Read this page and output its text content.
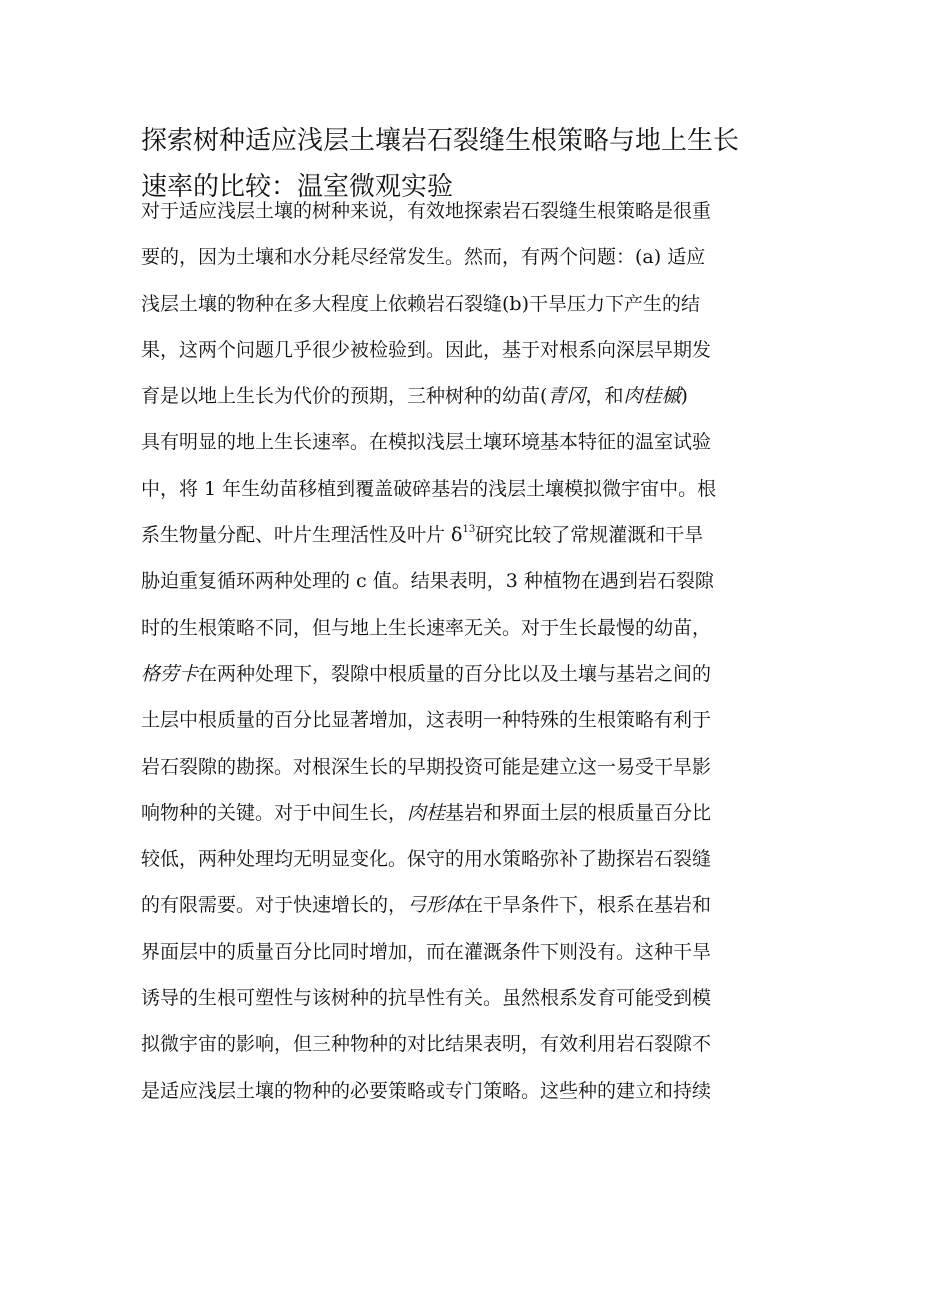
探索树种适应浅层土壤岩石裂缝生根策略与地上生长
速率的比较：温室微观实验
对于适应浅层土壤的树种来说，有效地探索岩石裂缝生根策略是很重
要的，因为土壤和水分耗尽经常发生。然而，有两个问题：(a) 适应
浅层土壤的物种在多大程度上依赖岩石裂缝(b)干旱压力下产生的结
果，这两个问题几乎很少被检验到。因此，基于对根系向深层早期发
育是以地上生长为代价的预期，三种树种的幼苗(青冈，和肉桂槭)
具有明显的地上生长速率。在模拟浅层土壤环境基本特征的温室试验
中，将 1 年生幼苗移植到覆盖破碎基岩的浅层土壤模拟微宇宙中。根
系生物量分配、叶片生理活性及叶片 $\delta^{13}$研究比较了常规灌溉和干旱
胁迫重复循环两种处理的 c 值。结果表明，3 种植物在遇到岩石裂隙
时的生根策略不同，但与地上生长速率无关。对于生长最慢的幼苗，
格劳卡在两种处理下，裂隙中根质量的百分比以及土壤与基岩之间的
土层中根质量的百分比显著增加，这表明一种特殊的生根策略有利于
岩石裂隙的勘探。对根深生长的早期投资可能是建立这一易受干旱影
响物种的关键。对于中间生长，肉桂基岩和界面土层的根质量百分比
较低，两种处理均无明显变化。保守的用水策略弥补了勘探岩石裂缝
的有限需要。对于快速增长的，弓形体在干旱条件下，根系在基岩和
界面层中的质量百分比同时增加，而在灌溉条件下则没有。这种干旱
诱导的生根可塑性与该树种的抗旱性有关。虽然根系发育可能受到模
拟微宇宙的影响，但三种物种的对比结果表明，有效利用岩石裂隙不
是适应浅层土壤的物种的必要策略或专门策略。这些种的建立和持续
